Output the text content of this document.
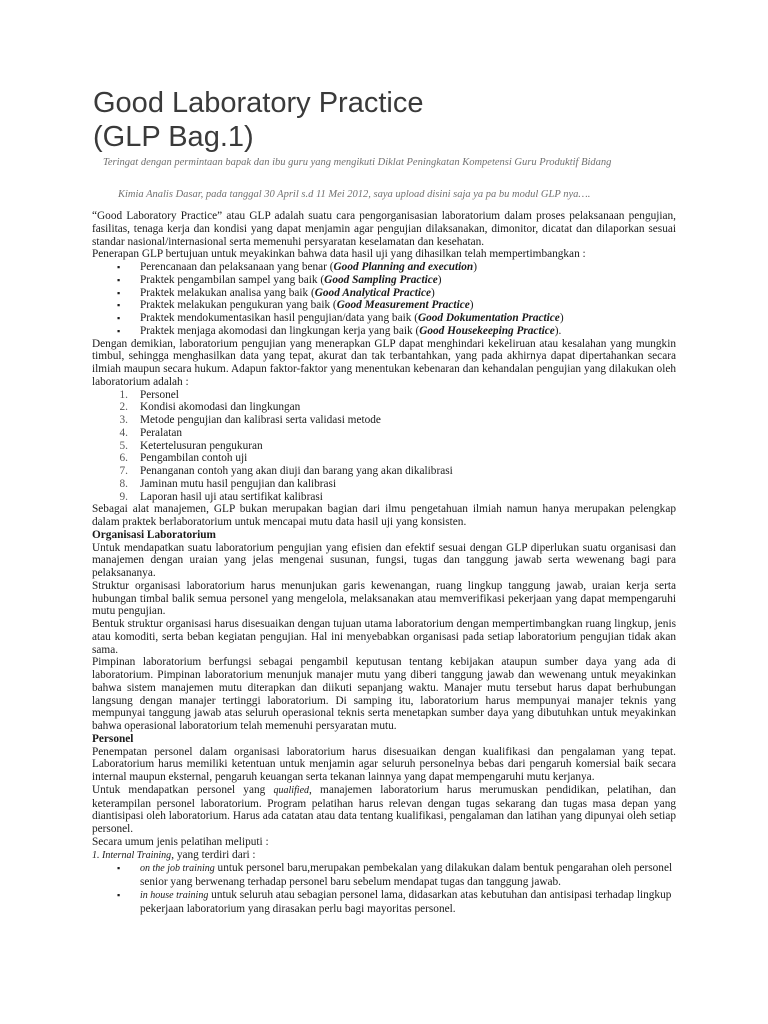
Good Laboratory Practice
(GLP Bag.1)
Teringat dengan permintaan bapak dan ibu guru yang mengikuti Diklat Peningkatan Kompetensi Guru Produktif Bidang
Kimia Analis Dasar, pada tanggal 30 April s.d 11 Mei 2012, saya upload disini saja ya pa bu modul GLP nya….

“Good Laboratory Practice” atau GLP adalah suatu cara pengorganisasian laboratorium dalam proses pelaksanaan pengujian, fasilitas, tenaga kerja dan kondisi yang dapat menjamin agar pengujian dilaksanakan, dimonitor, dicatat dan dilaporkan sesuai standar nasional/internasional serta memenuhi persyaratan keselamatan dan kesehatan.

Penerapan GLP bertujuan untuk meyakinkan bahwa data hasil uji yang dihasilkan telah mempertimbangkan :

▪ Perencanaan dan pelaksanaan yang benar (Good Planning and execution)
▪ Praktek pengambilan sampel yang baik (Good Sampling Practice)
▪ Praktek melakukan analisa yang baik (Good Analytical Practice)
▪ Praktek melakukan pengukuran yang baik (Good Measurement Practice)
▪ Praktek mendokumentasikan hasil pengujian/data yang baik (Good Dokumentation Practice)
▪ Praktek menjaga akomodasi dan lingkungan kerja yang baik (Good Housekeeping Practice).

Dengan demikian, laboratorium pengujian yang menerapkan GLP dapat menghindari kekeliruan atau kesalahan yang mungkin timbul, sehingga menghasilkan data yang tepat, akurat dan tak terbantahkan, yang pada akhirnya dapat dipertahankan secara ilmiah maupun secara hukum. Adapun faktor-faktor yang menentukan kebenaran dan kehandalan pengujian yang dilakukan oleh laboratorium adalah :

1. Personel
2. Kondisi akomodasi dan lingkungan
3. Metode pengujian dan kalibrasi serta validasi metode
4. Peralatan
5. Ketertelusuran pengukuran
6. Pengambilan contoh uji
7. Penanganan contoh yang akan diuji dan barang yang akan dikalibrasi
8. Jaminan mutu hasil pengujian dan kalibrasi
9. Laporan hasil uji atau sertifikat kalibrasi

Sebagai alat manajemen, GLP bukan merupakan bagian dari ilmu pengetahuan ilmiah namun hanya merupakan pelengkap dalam praktek berlaboratorium untuk mencapai mutu data hasil uji yang konsisten.

Organisasi Laboratorium

Untuk mendapatkan suatu laboratorium pengujian yang efisien dan efektif sesuai dengan GLP diperlukan suatu organisasi dan manajemen dengan uraian yang jelas mengenai susunan, fungsi, tugas dan tanggung jawab serta wewenang bagi para pelaksananya.

Struktur organisasi laboratorium harus menunjukan garis kewenangan, ruang lingkup tanggung jawab, uraian kerja serta hubungan timbal balik semua personel yang mengelola, melaksanakan atau memverifikasi pekerjaan yang dapat mempengaruhi mutu pengujian.

Bentuk struktur organisasi harus disesuaikan dengan tujuan utama laboratorium dengan mempertimbangkan ruang lingkup, jenis atau komoditi, serta beban kegiatan pengujian. Hal ini menyebabkan organisasi pada setiap laboratorium pengujian tidak akan sama.

Pimpinan laboratorium berfungsi sebagai pengambil keputusan tentang kebijakan ataupun sumber daya yang ada di laboratorium. Pimpinan laboratorium menunjuk manajer mutu yang diberi tanggung jawab dan wewenang untuk meyakinkan bahwa sistem manajemen mutu diterapkan dan diikuti sepanjang waktu. Manajer mutu tersebut harus dapat berhubungan langsung dengan manajer tertinggi laboratorium. Di samping itu, laboratorium harus mempunyai manajer teknis yang mempunyai tanggung jawab atas seluruh operasional teknis serta menetapkan sumber daya yang dibutuhkan untuk meyakinkan bahwa operasional laboratorium telah memenuhi persyaratan mutu.

Personel

Penempatan personel dalam organisasi laboratorium harus disesuaikan dengan kualifikasi dan pengalaman yang tepat. Laboratorium harus memiliki ketentuan untuk menjamin agar seluruh personelnya bebas dari pengaruh komersial baik secara internal maupun eksternal, pengaruh keuangan serta tekanan lainnya yang dapat mempengaruhi mutu kerjanya.

Untuk mendapatkan personel yang qualified, manajemen laboratorium harus merumuskan pendidikan, pelatihan, dan keterampilan personel laboratorium. Program pelatihan harus relevan dengan tugas sekarang dan tugas masa depan yang diantisipasi oleh laboratorium. Harus ada catatan atau data tentang kualifikasi, pengalaman dan latihan yang dipunyai oleh setiap personel.

Secara umum jenis pelatihan meliputi :

1. Internal Training, yang terdiri dari :

▪ on the job training untuk personel baru,merupakan pembekalan yang dilakukan dalam bentuk pengarahan oleh personel senior yang berwenang terhadap personel baru sebelum mendapat tugas dan tanggung jawab.
▪ in house training untuk seluruh atau sebagian personel lama, didasarkan atas kebutuhan dan antisipasi terhadap lingkup pekerjaan laboratorium yang dirasakan perlu bagi mayoritas personel.
